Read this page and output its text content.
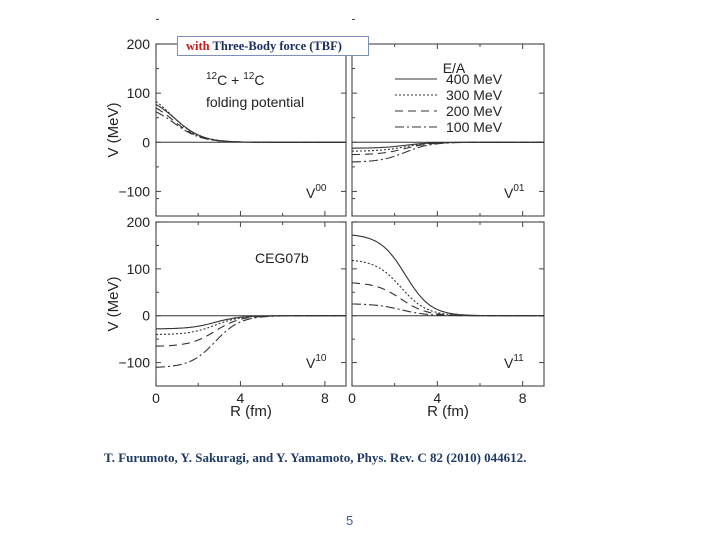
$V^{00}$	$V^{01}$
$V^{10}$	$V^{11}$
200
200
100
100
0
0
−100
−100
0	4	8
R (fm)
0	4	8
R (fm)
V (MeV)
V (MeV)
$^{12}$C + $^{12}$C
folding potential
CEG07b
E/A
400 MeV
300 MeV
200 MeV
100 MeV
with Three-Body force (TBF)
T. Furumoto, Y. Sakuragi, and Y. Yamamoto, Phys. Rev. C 82 (2010) 044612.
5
